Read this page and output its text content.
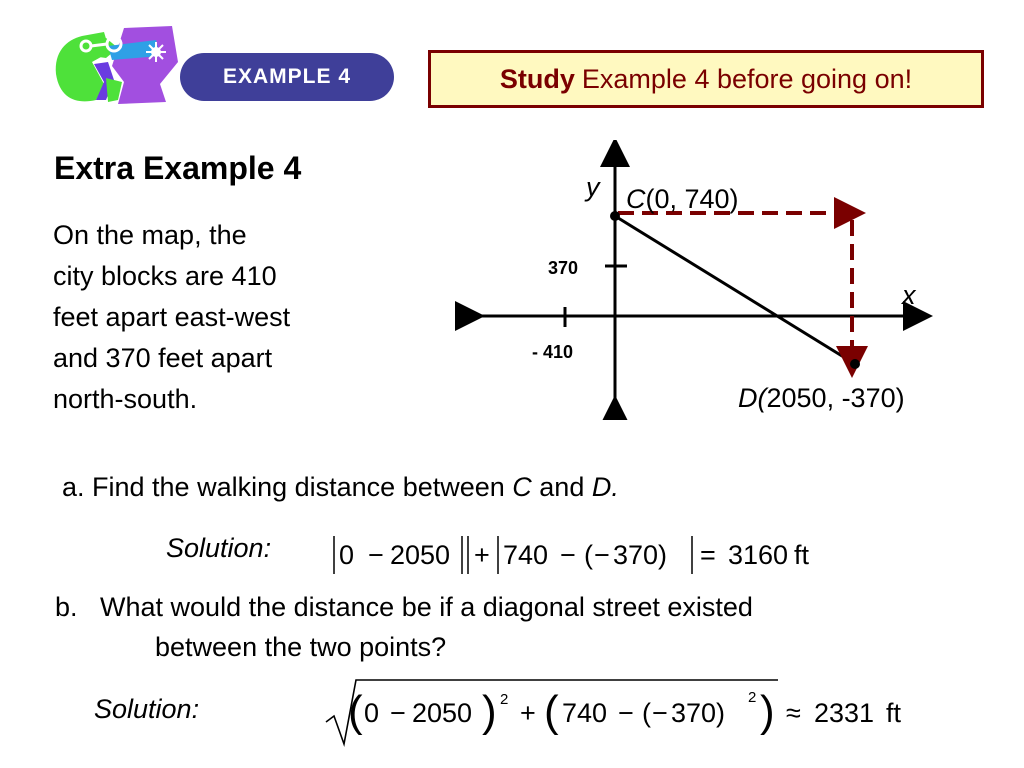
EXAMPLE 4	Study Example 4 before going on!
Extra Example 4
On the map, the
city blocks are 410
feet apart east-west
and 370 feet apart
north-south.
y
x
370
- 410
C(0, 740)
D(2050, -370)
a. Find the walking distance between C and D.
Solution:	0 − 2050 + 740 − ( − 370) = 3160 ft
b.   What would the distance be if a diagonal street existed
between the two points?
Solution:	( 0 − 2050 ) 2 + ( 740 − ( − 370)
2 ) ≈ 2331 ft
